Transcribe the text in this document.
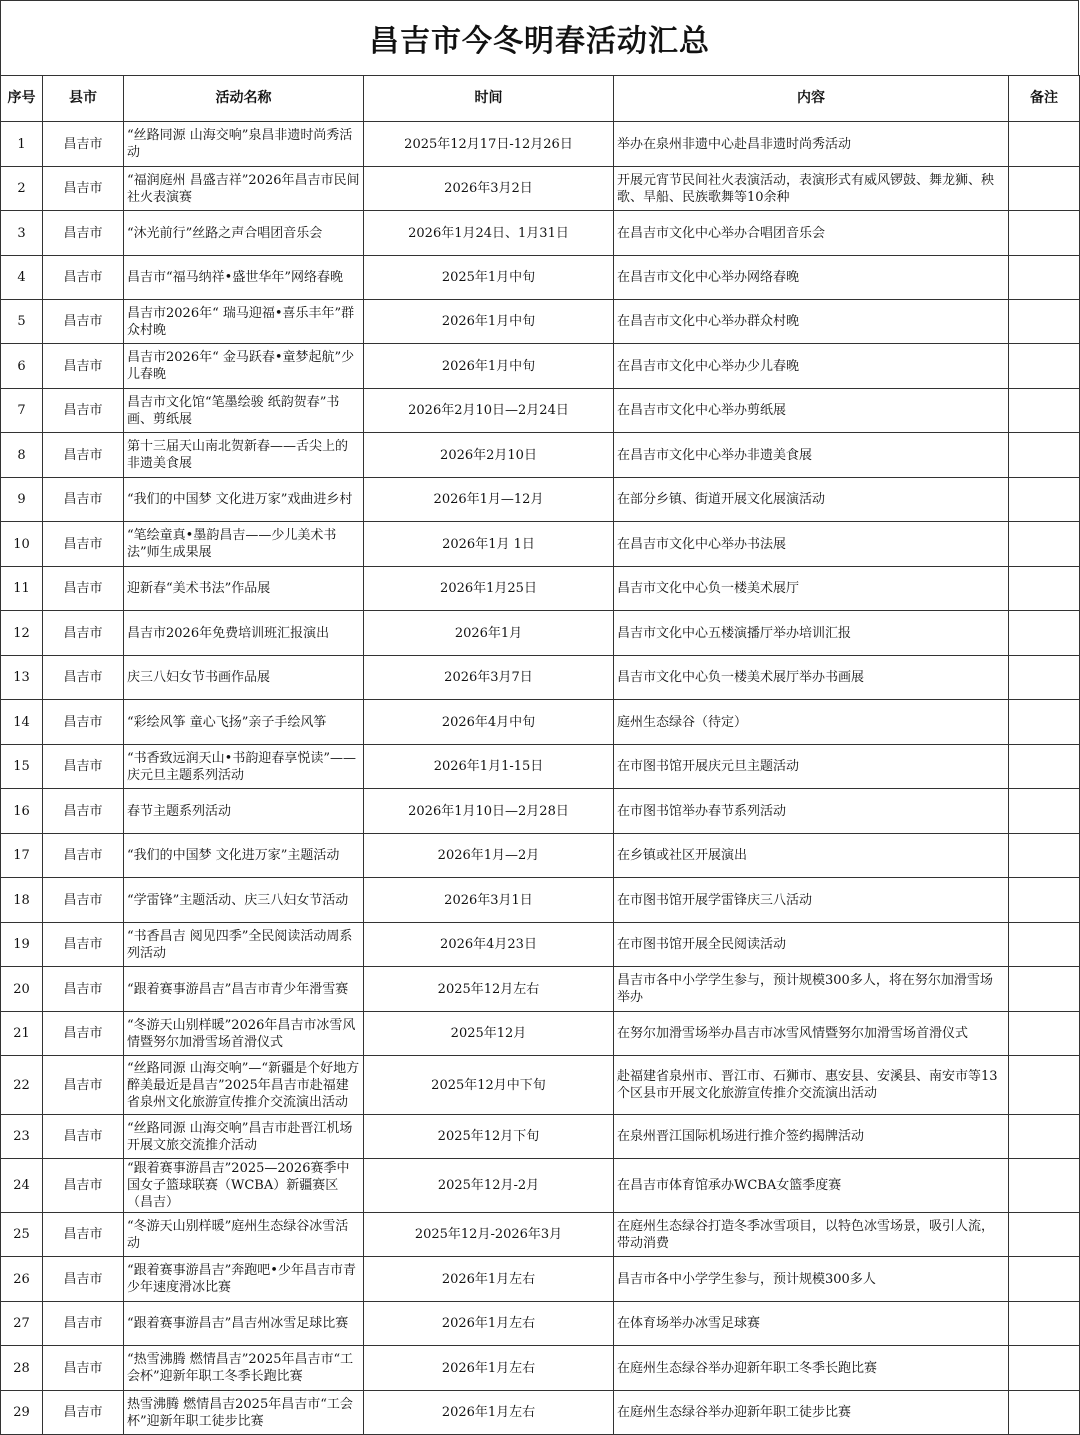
昌吉市今冬明春活动汇总
序号	县市	活动名称	时间	内容	备注

1	昌吉市	“丝路同源 山海交响”泉昌非遗时尚秀活动	2025年12月17日-12月26日	举办在泉州非遗中心赴昌非遗时尚秀活动	

2	昌吉市	“福润庭州 昌盛吉祥”2026年昌吉市民间社火表演赛	2026年3月2日	开展元宵节民间社火表演活动，表演形式有威风锣鼓、舞龙狮、秧歌、旱船、民族歌舞等10余种	

3	昌吉市	“沐光前行”丝路之声合唱团音乐会	2026年1月24日、1月31日	在昌吉市文化中心举办合唱团音乐会	

4	昌吉市	昌吉市“福马纳祥•盛世华年”网络春晚	2025年1月中旬	在昌吉市文化中心举办网络春晚	

5	昌吉市	昌吉市2026年“ 瑞马迎福•喜乐丰年”群众村晚	2026年1月中旬	在昌吉市文化中心举办群众村晚	

6	昌吉市	昌吉市2026年“ 金马跃春•童梦起航”少儿春晚	2026年1月中旬	在昌吉市文化中心举办少儿春晚	

7	昌吉市	昌吉市文化馆“笔墨绘骏 纸韵贺春”书画、剪纸展	2026年2月10日—2月24日	在昌吉市文化中心举办剪纸展	

8	昌吉市	第十三届天山南北贺新春——舌尖上的非遗美食展	2026年2月10日	在昌吉市文化中心举办非遗美食展	

9	昌吉市	“我们的中国梦 文化进万家”戏曲进乡村	2026年1月—12月	在部分乡镇、街道开展文化展演活动	

10	昌吉市	“笔绘童真•墨韵昌吉——少儿美术书法”师生成果展	2026年1月 1日	在昌吉市文化中心举办书法展	

11	昌吉市	迎新春“美术书法”作品展	2026年1月25日	昌吉市文化中心负一楼美术展厅	

12	昌吉市	昌吉市2026年免费培训班汇报演出	2026年1月	昌吉市文化中心五楼演播厅举办培训汇报	

13	昌吉市	庆三八妇女节书画作品展	2026年3月7日	昌吉市文化中心负一楼美术展厅举办书画展	

14	昌吉市	“彩绘风筝 童心飞扬”亲子手绘风筝	2026年4月中旬	庭州生态绿谷（待定）	

15	昌吉市	“书香致远润天山•书韵迎春享悦读”——庆元旦主题系列活动	2026年1月1-15日	在市图书馆开展庆元旦主题活动	

16	昌吉市	春节主题系列活动	2026年1月10日—2月28日	在市图书馆举办春节系列活动	

17	昌吉市	“我们的中国梦 文化进万家”主题活动	2026年1月—2月	在乡镇或社区开展演出	

18	昌吉市	“学雷锋”主题活动、庆三八妇女节活动	2026年3月1日	在市图书馆开展学雷锋庆三八活动	

19	昌吉市	“书香昌吉 阅见四季”全民阅读活动周系列活动	2026年4月23日	在市图书馆开展全民阅读活动	

20	昌吉市	“跟着赛事游昌吉”昌吉市青少年滑雪赛	2025年12月左右	昌吉市各中小学学生参与，预计规模300多人，将在努尔加滑雪场举办	

21	昌吉市	“冬游天山别样暖”2026年昌吉市冰雪风情暨努尔加滑雪场首滑仪式	2025年12月	在努尔加滑雪场举办昌吉市冰雪风情暨努尔加滑雪场首滑仪式	

22	昌吉市	“丝路同源 山海交响”—“新疆是个好地方 醉美最近是昌吉”2025年昌吉市赴福建省泉州文化旅游宣传推介交流演出活动	2025年12月中下旬	赴福建省泉州市、晋江市、石狮市、惠安县、安溪县、南安市等13个区县市开展文化旅游宣传推介交流演出活动	

23	昌吉市	“丝路同源 山海交响”昌吉市赴晋江机场开展文旅交流推介活动	2025年12月下旬	在泉州晋江国际机场进行推介签约揭牌活动	

24	昌吉市	“跟着赛事游昌吉”2025—2026赛季中国女子篮球联赛（WCBA）新疆赛区（昌吉）	2025年12月-2月	在昌吉市体育馆承办WCBA女篮季度赛	

25	昌吉市	“冬游天山别样暖”庭州生态绿谷冰雪活动	2025年12月-2026年3月	在庭州生态绿谷打造冬季冰雪项目，以特色冰雪场景，吸引人流，带动消费	

26	昌吉市	“跟着赛事游昌吉”奔跑吧•少年昌吉市青少年速度滑冰比赛	2026年1月左右	昌吉市各中小学学生参与，预计规模300多人	

27	昌吉市	“跟着赛事游昌吉”昌吉州冰雪足球比赛	2026年1月左右	在体育场举办冰雪足球赛	

28	昌吉市	“热雪沸腾 燃情昌吉”2025年昌吉市“工会杯”迎新年职工冬季长跑比赛	2026年1月左右	在庭州生态绿谷举办迎新年职工冬季长跑比赛	

29	昌吉市	热雪沸腾 燃情昌吉2025年昌吉市“工会杯”迎新年职工徒步比赛	2026年1月左右	在庭州生态绿谷举办迎新年职工徒步比赛	
